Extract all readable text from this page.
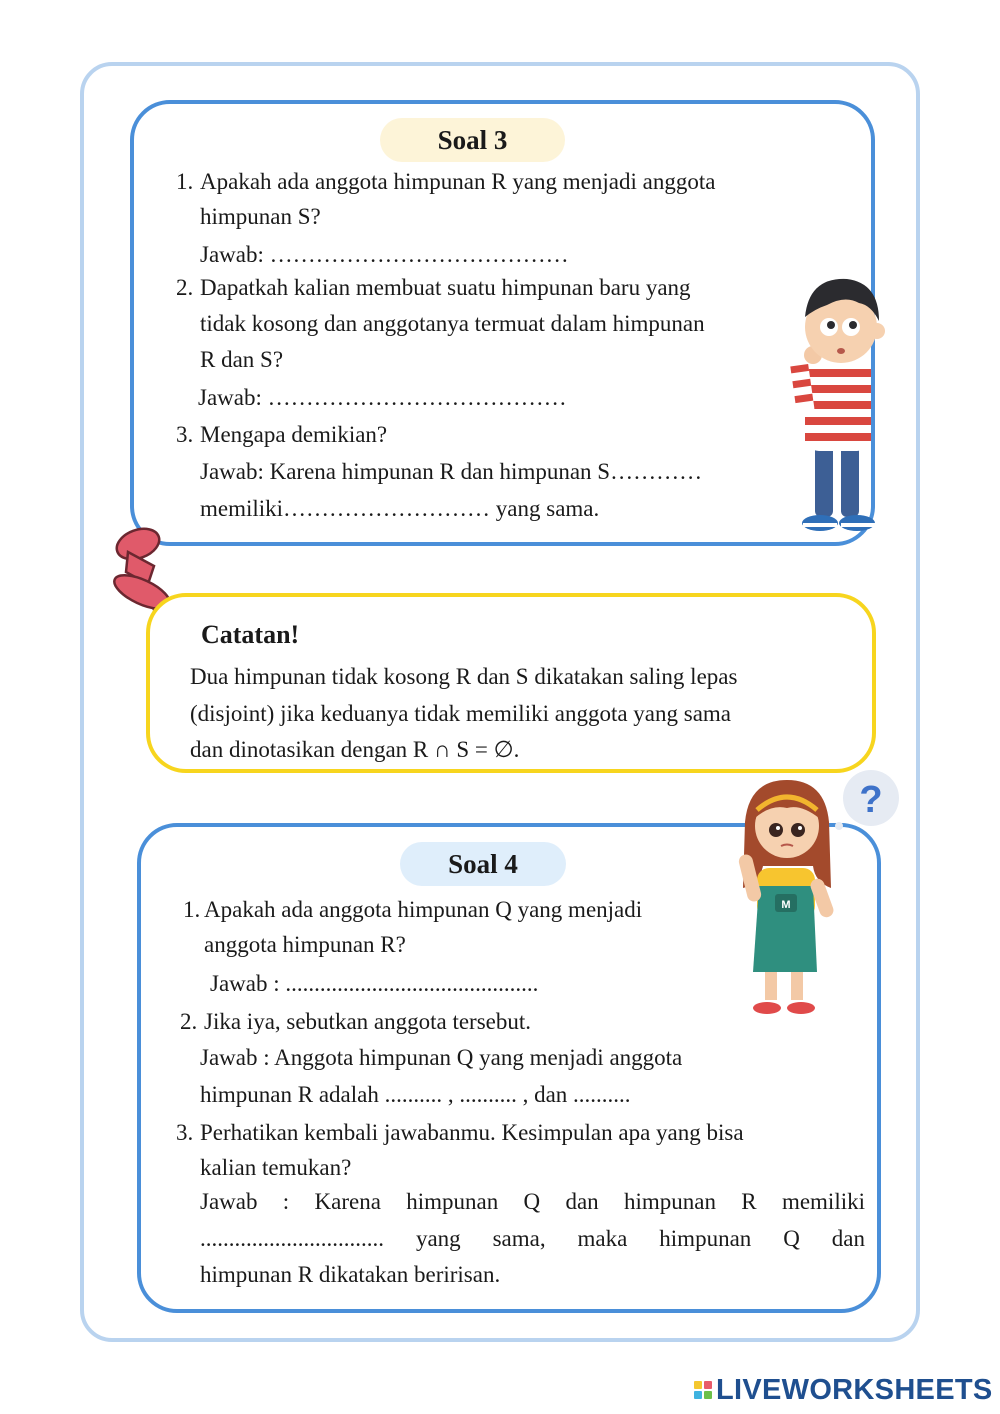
Soal 3
1. Apakah ada anggota himpunan R yang menjadi anggota
himpunan S?
Jawab: …………………………………
2. Dapatkah kalian membuat suatu himpunan baru yang
tidak kosong dan anggotanya termuat dalam himpunan
R dan S?
Jawab: …………………………………
3. Mengapa demikian?
Jawab: Karena himpunan R dan himpunan S…………
memiliki……………………… yang sama.
Catatan!
Dua himpunan tidak kosong R dan S dikatakan saling lepas
(disjoint) jika keduanya tidak memiliki anggota yang sama
dan dinotasikan dengan R ∩ S = ∅.
Soal 4
?
M
1. Apakah ada anggota himpunan Q yang menjadi
anggota himpunan R?
Jawab : ............................................
2. Jika iya, sebutkan anggota tersebut.
Jawab : Anggota himpunan Q yang menjadi anggota
himpunan R adalah .......... , .......... , dan ..........
3. Perhatikan kembali jawabanmu. Kesimpulan apa yang bisa
kalian temukan?
Jawab : Karena himpunan Q dan himpunan R memiliki
................................ yang sama, maka himpunan Q dan
himpunan R dikatakan beririsan.
LIVEWORKSHEETS
